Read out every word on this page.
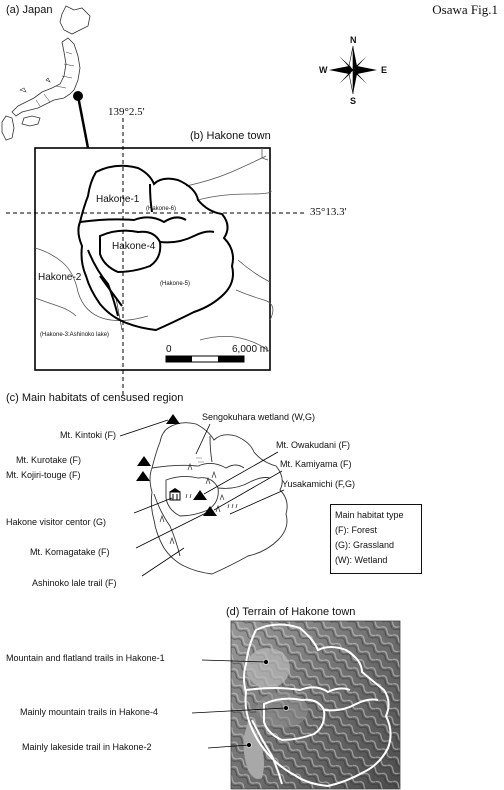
Osawa Fig.1
(a) Japan
N
S
E
W
(b) Hakone town
139°2.5'
35°13.3'
Hakone-1
(Hakone-6)
Hakone-4
Hakone-2
(Hakone-5)
(Hakone-3:Ashinoko lake)
0	6,000 m
(c) Main habitats of censused region
Mt. Kintoki (F)
Mt. Kurotake (F)
Mt. Kojiri-touge (F)
Hakone visitor centor (G)
Mt. Komagatake (F)
Ashinoko lale trail (F)
Sengokuhara wetland (W,G)
Mt. Owakudani (F)
Mt. Kamiyama (F)
Yusakamichi (F,G)
Main habitat type
(F): Forest
(G): Grassland
(W): Wetland
(d) Terrain of Hakone town
Mountain and flatland trails in Hakone-1
Mainly mountain trails in Hakone-4
Mainly lakeside trail in Hakone-2
